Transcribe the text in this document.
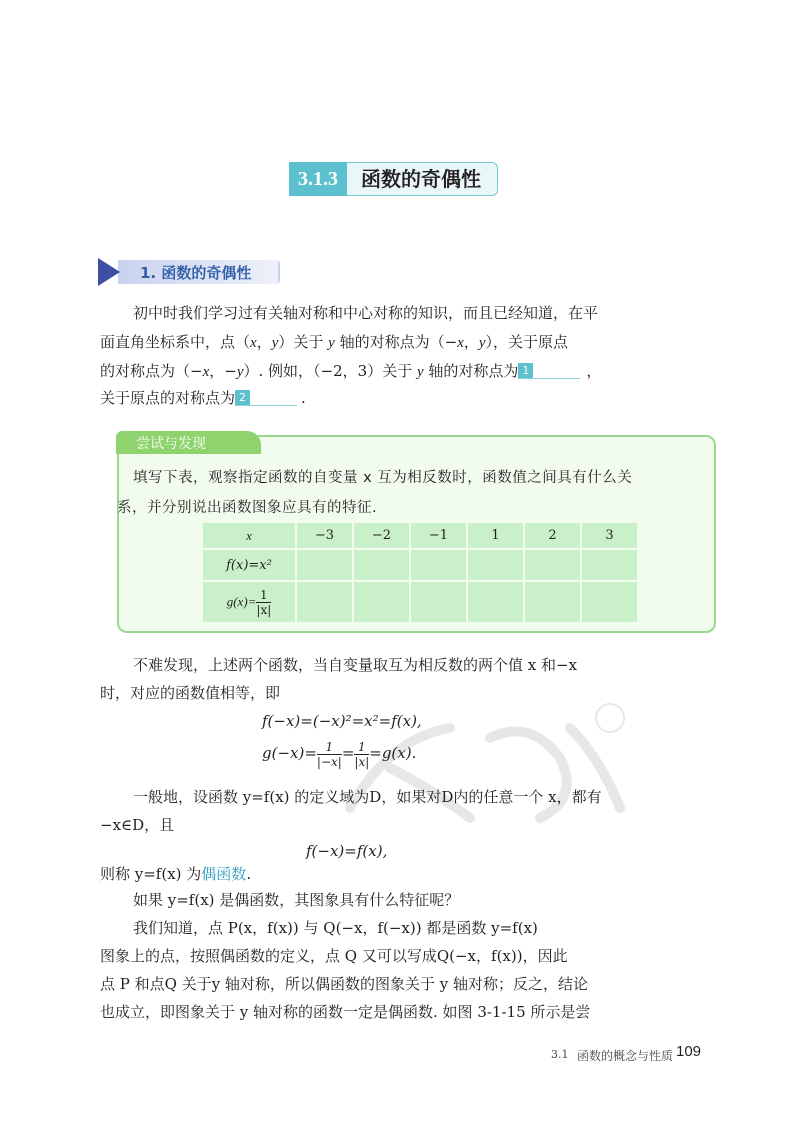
3.1.3	函数的奇偶性
1. 函数的奇偶性
初中时我们学习过有关轴对称和中心对称的知识，而且已经知道，在平
面直角坐标系中，点（x，y）关于 y 轴的对称点为（−x，y），关于原点
的对称点为（−x，−y）. 例如，（−2，3）关于 y 轴的对称点为 1	，
关于原点的对称点为 2	.
尝试与发现
填写下表，观察指定函数的自变量 x 互为相反数时，函数值之间具有什么关
系，并分别说出函数图象应具有的特征.
x	−3	−2	−1	1	2	3
f(x)=x²						
$g(x)= \frac{1}{|x|}$

不难发现，上述两个函数，当自变量取互为相反数的两个值 x 和−x
时，对应的函数值相等，即
f(−x)=(−x)²=x²=f(x),
$g(-x)= \frac{1}{|-x|} = \frac{1}{|x|} =g(x)$.
一般地，设函数 y=f(x) 的定义域为D，如果对D内的任意一个 x，都有
−x∈D，且
f(−x)=f(x),
则称 y=f(x) 为偶函数.
如果 y=f(x) 是偶函数，其图象具有什么特征呢？
我们知道，点 P(x，f(x)) 与 Q(−x，f(−x)) 都是函数 y=f(x)
图象上的点，按照偶函数的定义，点 Q 又可以写成Q(−x，f(x))，因此
点 P 和点Q 关于y 轴对称，所以偶函数的图象关于 y 轴对称；反之，结论
也成立，即图象关于 y 轴对称的函数一定是偶函数. 如图 3-1-15 所示是尝
3.1 函数的概念与性质 109
